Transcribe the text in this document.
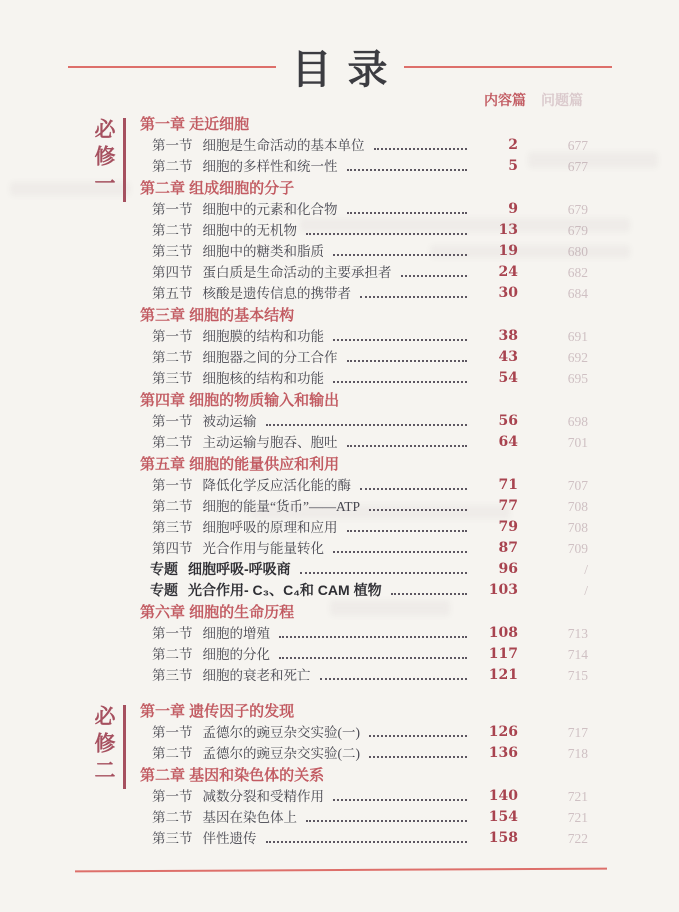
目录
内容篇 问题篇
必修一	第一章 走近细胞
第一节 细胞是生命活动的基本单位	2	677
第二节 细胞的多样性和统一性	5	677
第二章 组成细胞的分子
第一节 细胞中的元素和化合物	9	679
第二节 细胞中的无机物	13	679
第三节 细胞中的糖类和脂质	19	680
第四节 蛋白质是生命活动的主要承担者	24	682
第五节 核酸是遗传信息的携带者	30	684
第三章 细胞的基本结构
第一节 细胞膜的结构和功能	38	691
第二节 细胞器之间的分工合作	43	692
第三节 细胞核的结构和功能	54	695
第四章 细胞的物质输入和输出
第一节 被动运输	56	698
第二节 主动运输与胞吞、胞吐	64	701
第五章 细胞的能量供应和利用
第一节 降低化学反应活化能的酶	71	707
第二节 细胞的能量“货币”——ATP	77	708
第三节 细胞呼吸的原理和应用	79	708
第四节 光合作用与能量转化	87	709
专题 细胞呼吸-呼吸商	96	/
专题 光合作用- C₃、C₄和 CAM 植物	103	/
第六章 细胞的生命历程
第一节 细胞的增殖	108	713
第二节 细胞的分化	117	714
第三节 细胞的衰老和死亡	121	715
必修二	第一章 遗传因子的发现
第一节 孟德尔的豌豆杂交实验(一)	126	717
第二节 孟德尔的豌豆杂交实验(二)	136	718
第二章 基因和染色体的关系
第一节 减数分裂和受精作用	140	721
第二节 基因在染色体上	154	721
第三节 伴性遗传	158	722
